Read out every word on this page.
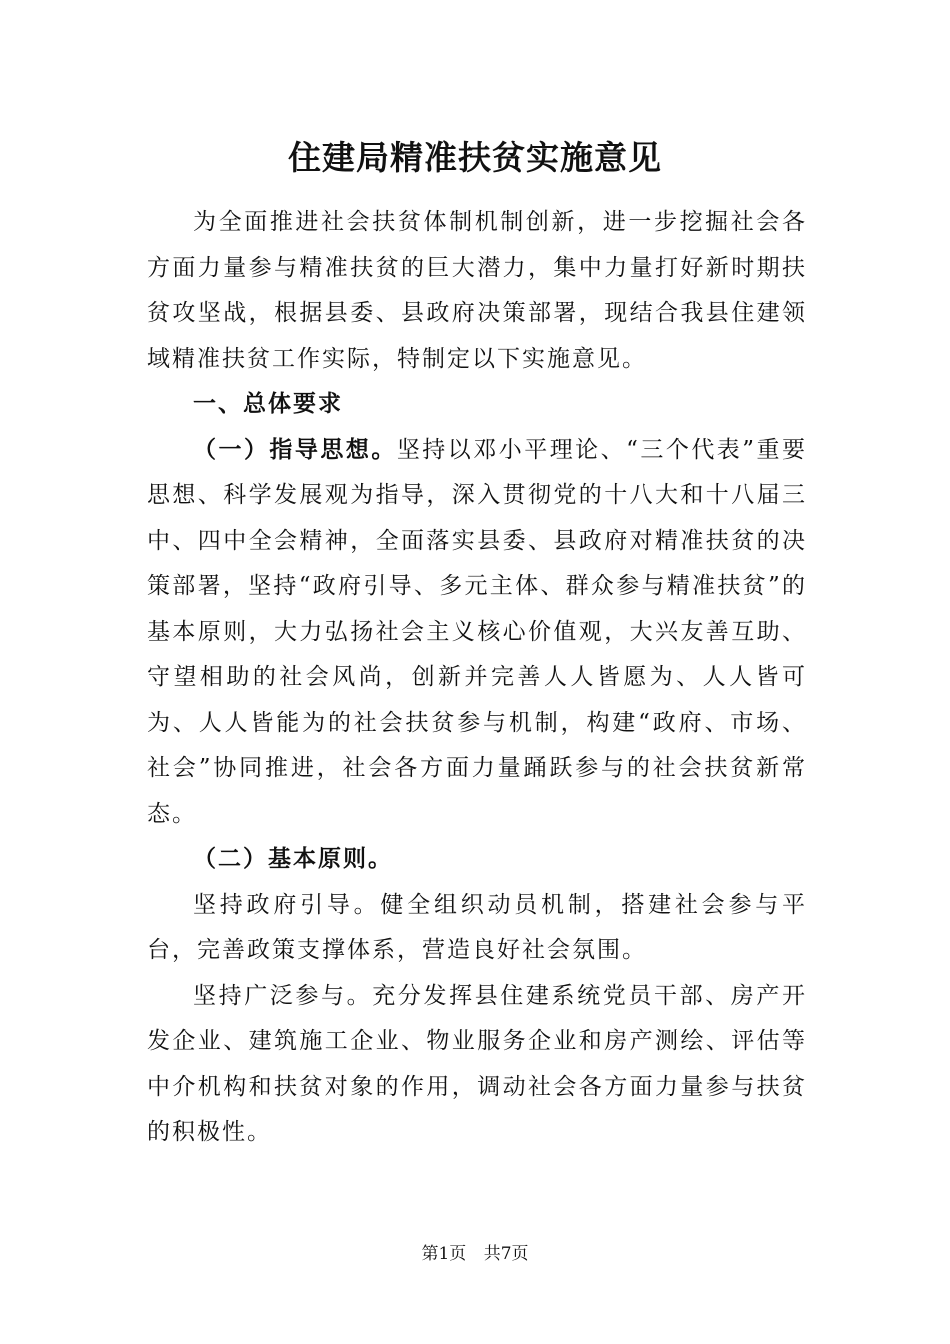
住建局精准扶贫实施意见

为全面推进社会扶贫体制机制创新，进一步挖掘社会各方面力量参与精准扶贫的巨大潜力，集中力量打好新时期扶贫攻坚战，根据县委、县政府决策部署，现结合我县住建领域精准扶贫工作实际，特制定以下实施意见。

一、总体要求

（一）指导思想。坚持以邓小平理论、“三个代表”重要思想、科学发展观为指导，深入贯彻党的十八大和十八届三中、四中全会精神，全面落实县委、县政府对精准扶贫的决策部署，坚持“政府引导、多元主体、群众参与精准扶贫”的基本原则，大力弘扬社会主义核心价值观，大兴友善互助、守望相助的社会风尚，创新并完善人人皆愿为、人人皆可为、人人皆能为的社会扶贫参与机制，构建“政府、市场、社会”协同推进，社会各方面力量踊跃参与的社会扶贫新常态。

（二）基本原则。

坚持政府引导。健全组织动员机制，搭建社会参与平台，完善政策支撑体系，营造良好社会氛围。

坚持广泛参与。充分发挥县住建系统党员干部、房产开发企业、建筑施工企业、物业服务企业和房产测绘、评估等中介机构和扶贫对象的作用，调动社会各方面力量参与扶贫的积极性。

第1页 共7页
